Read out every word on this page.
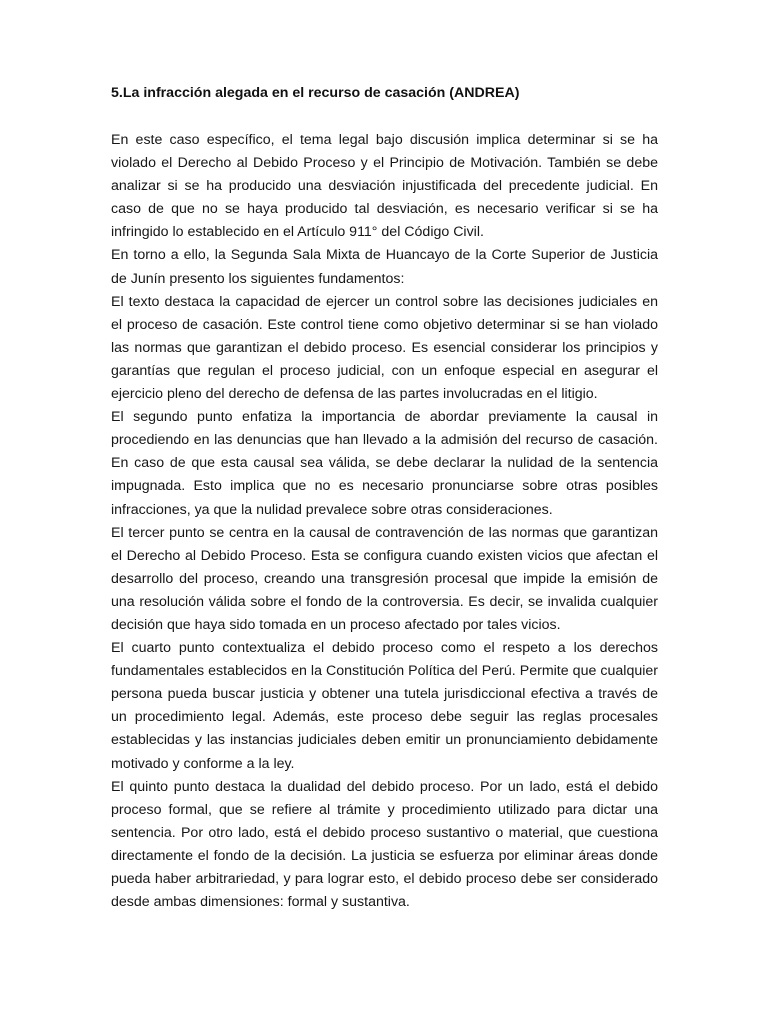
5.La infracción alegada en el recurso de casación (ANDREA)

En este caso específico, el tema legal bajo discusión implica determinar si se ha violado el Derecho al Debido Proceso y el Principio de Motivación. También se debe analizar si se ha producido una desviación injustificada del precedente judicial. En caso de que no se haya producido tal desviación, es necesario verificar si se ha infringido lo establecido en el Artículo 911° del Código Civil.

En torno a ello, la Segunda Sala Mixta de Huancayo de la Corte Superior de Justicia de Junín presento los siguientes fundamentos:

El texto destaca la capacidad de ejercer un control sobre las decisiones judiciales en el proceso de casación. Este control tiene como objetivo determinar si se han violado las normas que garantizan el debido proceso. Es esencial considerar los principios y garantías que regulan el proceso judicial, con un enfoque especial en asegurar el ejercicio pleno del derecho de defensa de las partes involucradas en el litigio.

El segundo punto enfatiza la importancia de abordar previamente la causal in procediendo en las denuncias que han llevado a la admisión del recurso de casación. En caso de que esta causal sea válida, se debe declarar la nulidad de la sentencia impugnada. Esto implica que no es necesario pronunciarse sobre otras posibles infracciones, ya que la nulidad prevalece sobre otras consideraciones.

El tercer punto se centra en la causal de contravención de las normas que garantizan el Derecho al Debido Proceso. Esta se configura cuando existen vicios que afectan el desarrollo del proceso, creando una transgresión procesal que impide la emisión de una resolución válida sobre el fondo de la controversia. Es decir, se invalida cualquier decisión que haya sido tomada en un proceso afectado por tales vicios.

El cuarto punto contextualiza el debido proceso como el respeto a los derechos fundamentales establecidos en la Constitución Política del Perú. Permite que cualquier persona pueda buscar justicia y obtener una tutela jurisdiccional efectiva a través de un procedimiento legal. Además, este proceso debe seguir las reglas procesales establecidas y las instancias judiciales deben emitir un pronunciamiento debidamente motivado y conforme a la ley.

El quinto punto destaca la dualidad del debido proceso. Por un lado, está el debido proceso formal, que se refiere al trámite y procedimiento utilizado para dictar una sentencia. Por otro lado, está el debido proceso sustantivo o material, que cuestiona directamente el fondo de la decisión. La justicia se esfuerza por eliminar áreas donde pueda haber arbitrariedad, y para lograr esto, el debido proceso debe ser considerado desde ambas dimensiones: formal y sustantiva.
